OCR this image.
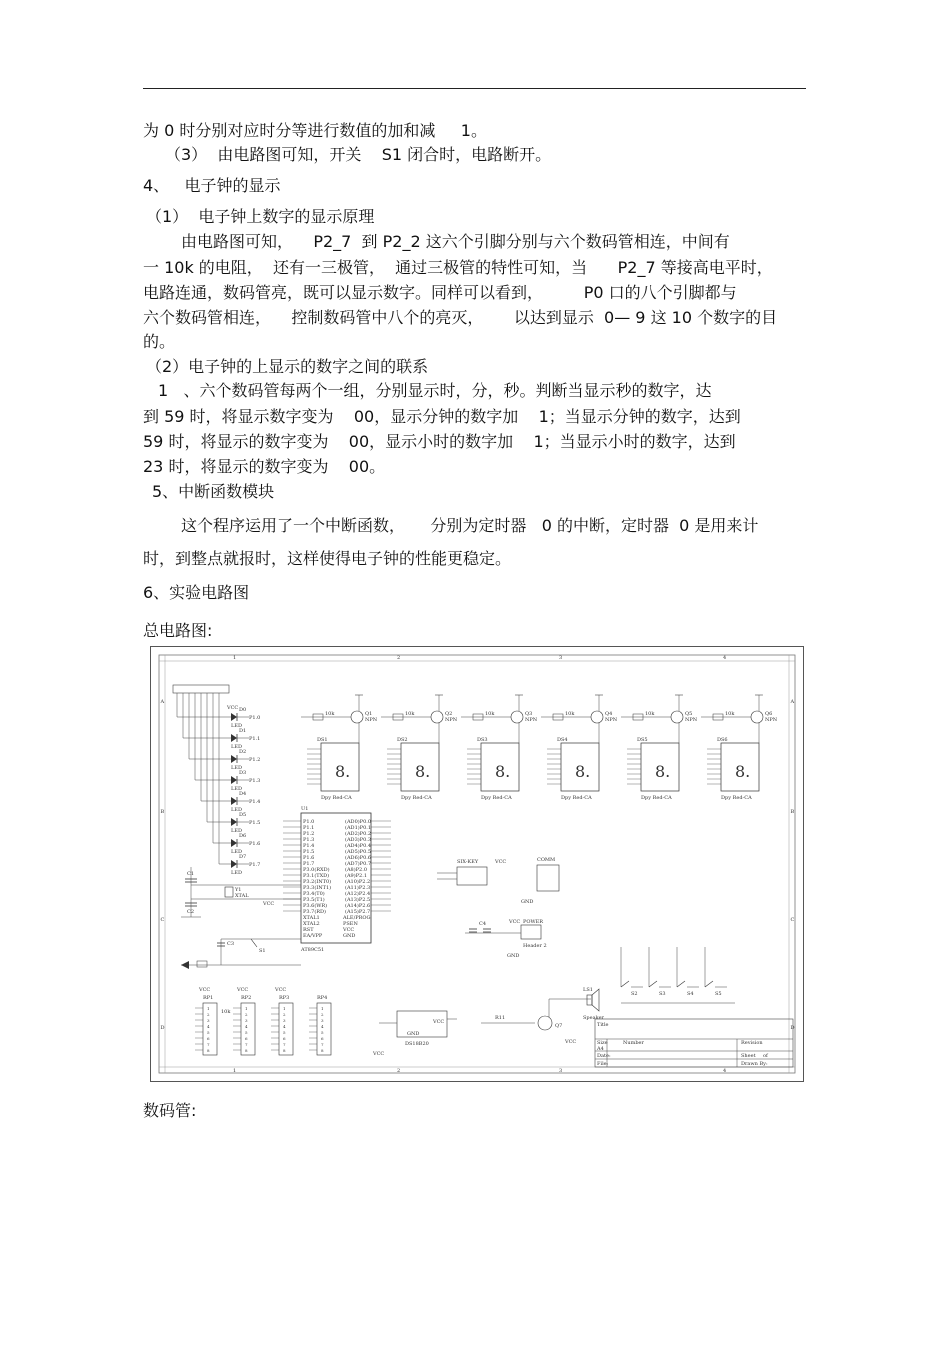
为 0 时分别对应时分等进行数值的加和减     1。
（3）  由电路图可知，开关    S1 闭合时，电路断开。
4、   电子钟的显示
（1）  电子钟上数字的显示原理
由电路图可知，    P2_7  到 P2_2 这六个引脚分别与六个数码管相连，中间有
一 10k 的电阻，  还有一三极管，  通过三极管的特性可知，当      P2_7 等接高电平时，
电路连通，数码管亮，既可以显示数字。同样可以看到，        P0 口的八个引脚都与
六个数码管相连，    控制数码管中八个的亮灭，      以达到显示  0— 9 这 10 个数字的目
的。
（2）电子钟的上显示的数字之间的联系
1   、六个数码管每两个一组，分别显示时，分，秒。判断当显示秒的数字，达
到 59 时，将显示数字变为    00，显示分钟的数字加    1；当显示分钟的数字，达到
59 时，将显示的数字变为    00，显示小时的数字加    1；当显示小时的数字，达到
23 时，将显示的数字变为    00。
5、中断函数模块
这个程序运用了一个中断函数，     分别为定时器   0 的中断，定时器  0 是用来计
时，到整点就报时，这样使得电子钟的性能更稳定。
6、实验电路图
总电路图:
数码管:
1
1
2
2
3
3
4
4
A	A
B	B
C	C
D	D
D0
LED
P1.0
D1
LED
P1.1
D2
LED
P1.2
D3
LED
P1.3
D4
LED
P1.4
D5
LED
P1.5
D6
LED
P1.6
D7
LED
P1.7
VCC
10k	Q1
NPN
DS1
8.
Dpy Red-CA
10k	Q2
NPN
DS2
8.
Dpy Red-CA
10k	Q3
NPN
DS3
8.
Dpy Red-CA
10k	Q4
NPN
DS4
8.
Dpy Red-CA
10k	Q5
NPN
DS5
8.
Dpy Red-CA
10k	Q6
NPN
DS6
8.
Dpy Red-CA
U1
AT89C51
P1.0
P1.1
P1.2
P1.3
P1.4
P1.5
P1.6
P1.7
P3.0(RXD)
P3.1(TXD)
P3.2(INT0)
P3.3(INT1)
P3.4(T0)
P3.5(T1)
P3.6(WR)
P3.7(RD)
(AD0)P0.0
(AD1)P0.1
(AD2)P0.2
(AD3)P0.3
(AD4)P0.4
(AD5)P0.5
(AD6)P0.6
(AD7)P0.7
(A8)P2.0
(A9)P2.1
(A10)P2.2
(A11)P2.3
(A12)P2.4
(A13)P2.5
(A14)P2.6
(A15)P2.7
XTAL1
XTAL2
RST
EA/VPP
ALE/PROG
PSEN
VCC
GND
Y1
XTAL
C1
C2
C3
S1
VCC
SIX-KEY	VCC	COMM
GND
POWER
Header 2
VCC
C4
GND
S2	S3	S4	S5
RP1
1
2
3
4
5
6
7
8
VCC
RP2
1
2
3
4
5
6
7
8
VCC
RP3
1
2
3
4
5
6
7
8
VCC
RP4
1
2
3
4
5
6
7
8
10k
VCC
DS18B20
VCC
GND
R11
Q7
LS1
Speaker
VCC
Title
Size
A4
Number	Revision
Date:
File:
Sheet of
Drawn By:
